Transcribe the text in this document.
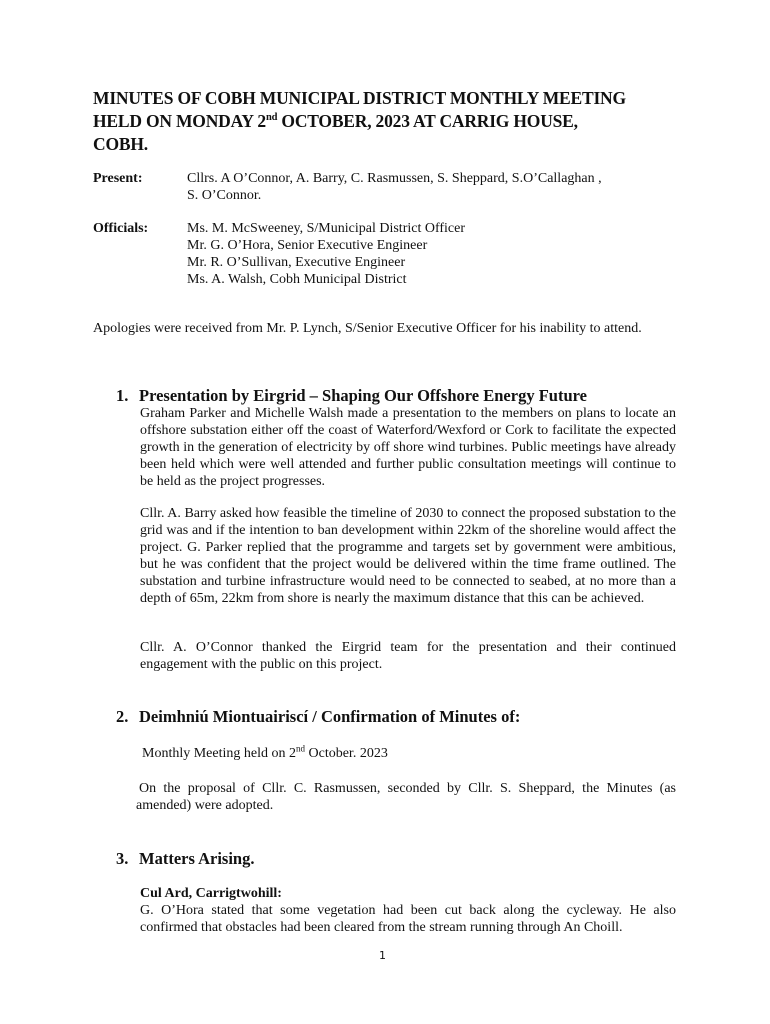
MINUTES OF COBH MUNICIPAL DISTRICT MONTHLY MEETING
HELD ON MONDAY 2nd OCTOBER, 2023 AT CARRIG HOUSE,
COBH.
Present:	Cllrs. A O’Connor, A. Barry, C. Rasmussen, S. Sheppard, S.O’Callaghan ,
S. O’Connor.
Officials:	Ms. M. McSweeney, S/Municipal District Officer
Mr. G. O’Hora, Senior Executive Engineer
Mr. R. O’Sullivan, Executive Engineer
Ms. A. Walsh, Cobh Municipal District
Apologies were received from Mr. P. Lynch, S/Senior Executive Officer for his inability to attend.
1. Presentation by Eirgrid – Shaping Our Offshore Energy Future
Graham Parker and Michelle Walsh made a presentation to the members on plans to locate an offshore substation either off the coast of Waterford/Wexford or Cork to facilitate the expected growth in the generation of electricity by off shore wind turbines. Public meetings have already been held which were well attended and further public consultation meetings will continue to be held as the project progresses.
Cllr. A. Barry asked how feasible the timeline of 2030 to connect the proposed substation to the grid was and if the intention to ban development within 22km of the shoreline would affect the project. G. Parker replied that the programme and targets set by government were ambitious, but he was confident that the project would be delivered within the time frame outlined. The substation and turbine infrastructure would need to be connected to seabed, at no more than a depth of 65m, 22km from shore is nearly the maximum distance that this can be achieved.
Cllr. A. O’Connor thanked the Eirgrid team for the presentation and their continued engagement with the public on this project.
2. Deimhniú Miontuairiscí / Confirmation of Minutes of:
Monthly Meeting held on 2nd October. 2023
On the proposal of Cllr. C. Rasmussen, seconded by Cllr. S. Sheppard, the Minutes (as amended) were adopted.
3. Matters Arising.
Cul Ard, Carrigtwohill:
G. O’Hora stated that some vegetation had been cut back along the cycleway. He also confirmed that obstacles had been cleared from the stream running through An Choill.
1
